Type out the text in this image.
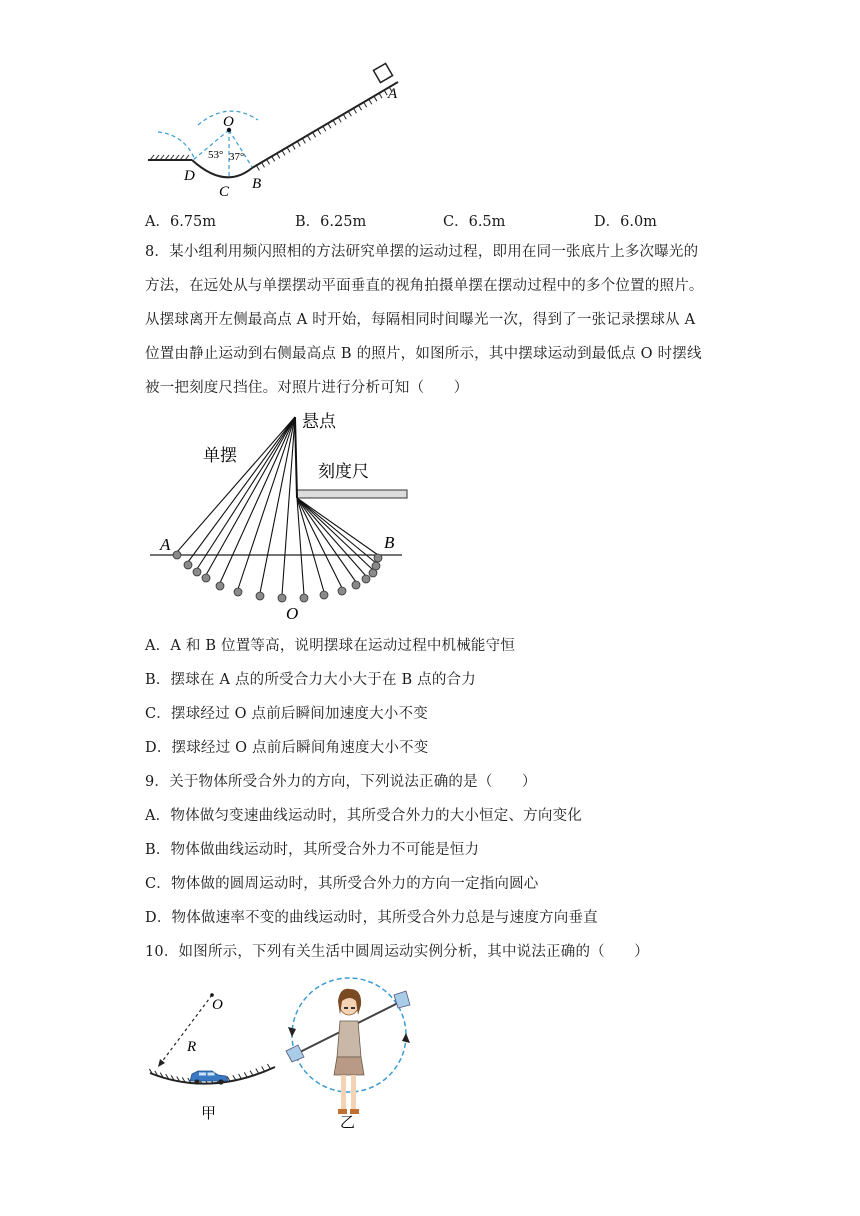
O
53° 37°
D
C B
A
A．6.75m	B．6.25m	C．6.5m	D．6.0m
8．某小组利用频闪照相的方法研究单摆的运动过程，即用在同一张底片上多次曝光的
方法，在远处从与单摆摆动平面垂直的视角拍摄单摆在摆动过程中的多个位置的照片。
从摆球离开左侧最高点 A 时开始，每隔相同时间曝光一次，得到了一张记录摆球从 A
位置由静止运动到右侧最高点 B 的照片，如图所示，其中摆球运动到最低点 O 时摆线
被一把刻度尺挡住。对照片进行分析可知（　　）
悬点
单摆
刻度尺
A	B
O
A．A 和 B 位置等高，说明摆球在运动过程中机械能守恒
B．摆球在 A 点的所受合力大小大于在 B 点的合力
C．摆球经过 O 点前后瞬间加速度大小不变
D．摆球经过 O 点前后瞬间角速度大小不变
9．关于物体所受合外力的方向，下列说法正确的是（　　）
A．物体做匀变速曲线运动时，其所受合外力的大小恒定、方向变化
B．物体做曲线运动时，其所受合外力不可能是恒力
C．物体做的圆周运动时，其所受合外力的方向一定指向圆心
D．物体做速率不变的曲线运动时，其所受合外力总是与速度方向垂直
10．如图所示，下列有关生活中圆周运动实例分析，其中说法正确的（　　）
O
R
甲	乙
